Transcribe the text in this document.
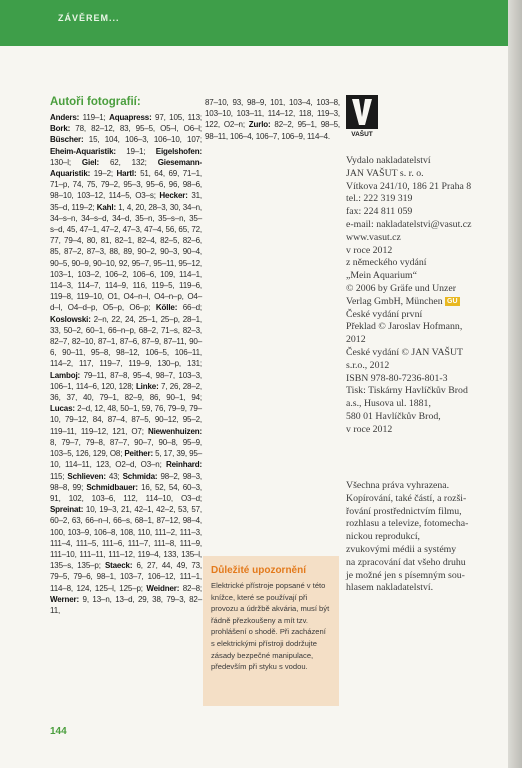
ZÁVĚREM...
Autoři fotografií:
Anders: 119–1; Aquapress: 97, 105, 113; Bork: 78, 82–12, 83, 95–5, O5–l, O6–l; Büscher: 15, 104, 106–3, 106–10, 107; Eheim-Aquaristik: 19–1; Eigelshofen: 130–l; Giel: 62, 132; Giesemann-Aquaristik: 19–2; Hartl: 51, 64, 69, 71–1, 71–p, 74, 75, 79–2, 95–3, 95–6, 96, 98–6, 98–10, 103–12, 114–5, O3–s; Hecker: 31, 35–d, 119–2; Kahl: 1, 4, 20, 28–3, 30, 34–n, 34–s–n, 34–s–d, 34–d, 35–n, 35–s–n, 35–s–d, 45, 47–1, 47–2, 47–3, 47–4, 56, 65, 72, 77, 79–4, 80, 81, 82–1, 82–4, 82–5, 82–6, 85, 87–2, 87–3, 88, 89, 90–2, 90–3, 90–4, 90–5, 90–9, 90–10, 92, 95–7, 95–11, 95–12, 103–1, 103–2, 106–2, 106–6, 109, 114–1, 114–3, 114–7, 114–9, 116, 119–5, 119–6, 119–8, 119–10, O1, O4–n–l, O4–n–p, O4–d–l, O4–d–p, O5–p, O6–p; Kölle: 66–d; Koslowski: 2–n, 22, 24, 25–1, 25–p, 28–1, 33, 50–2, 60–1, 66–n–p, 68–2, 71–s, 82–3, 82–7, 82–10, 87–1, 87–6, 87–9, 87–11, 90–6, 90–11, 95–8, 98–12, 106–5, 106–11, 114–2, 117, 119–7, 119–9, 130–p, 131; Lamboj: 79–11, 87–8, 95–4, 98–7, 103–3, 106–1, 114–6, 120, 128; Linke: 7, 26, 28–2, 36, 37, 40, 79–1, 82–9, 86, 90–1, 94; Lucas: 2–d, 12, 48, 50–1, 59, 76, 79–9, 79–10, 79–12, 84, 87–4, 87–5, 90–12, 95–2, 119–11, 119–12, 121, O7; Niewenhuizen: 8, 79–7, 79–8, 87–7, 90–7, 90–8, 95–9, 103–5, 126, 129, O8; Peither: 5, 17, 39, 95–10, 114–11, 123, O2–d, O3–n; Reinhard: 115; Schlieven: 43; Schmida: 98–2, 98–3, 98–8, 99; Schmidbauer: 16, 52, 54, 60–3, 91, 102, 103–6, 112, 114–10, O3–d; Spreinat: 10, 19–3, 21, 42–1, 42–2, 53, 57, 60–2, 63, 66–n–l, 66–s, 68–1, 87–12, 98–4, 100, 103–9, 106–8, 108, 110, 111–2, 111–3, 111–4, 111–5, 111–6, 111–7, 111–8, 111–9, 111–10, 111–11, 111–12, 119–4, 133, 135–l, 135–s, 135–p; Staeck: 6, 27, 44, 49, 73, 79–5, 79–6, 98–1, 103–7, 106–12, 111–1, 114–8, 124, 125–l, 125–p; Weidner: 82–8; Werner: 9, 13–n, 13–d, 29, 38, 79–3, 82–11,
87–10, 93, 98–9, 101, 103–4, 103–8, 103–10, 103–11, 114–12, 118, 119–3, 122, O2–n; Zurlo: 82–2, 95–1, 98–5, 98–11, 106–4, 106–7, 106–9, 114–4.
Důležité upozornění
Elektrické přístroje popsané v této knížce, které se používají při provozu a údržbě akvária, musí být řádně přezkoušeny a mít tzv. prohlášení o shodě. Při zacházení s elektrickými přístroji dodržujte zásady bezpečné manipulace, především při styku s vodou.
VAŠUT
Vydalo nakladatelství
JAN VAŠUT s. r. o.
Vítkova 241/10, 186 21 Praha 8
tel.: 222 319 319
fax: 224 811 059
e-mail: nakladatelstvi@vasut.cz
www.vasut.cz
v roce 2012
z německého vydání
„Mein Aquarium“
© 2006 by Gräfe und Unzer
Verlag GmbH, München GU
České vydání první
Překlad © Jaroslav Hofmann,
2012
České vydání © JAN VAŠUT
s.r.o., 2012
ISBN 978-80-7236-801-3
Tisk: Tiskárny Havlíčkův Brod
a.s., Husova ul. 1881,
580 01 Havlíčkův Brod,
v roce 2012
Všechna práva vyhrazena.
Kopírování, také částí, a rozši-
řování prostřednictvím filmu,
rozhlasu a televize, fotomecha-
nickou reprodukcí,
zvukovými médii a systémy
na zpracování dat všeho druhu
je možné jen s písemným sou-
hlasem nakladatelství.
144
